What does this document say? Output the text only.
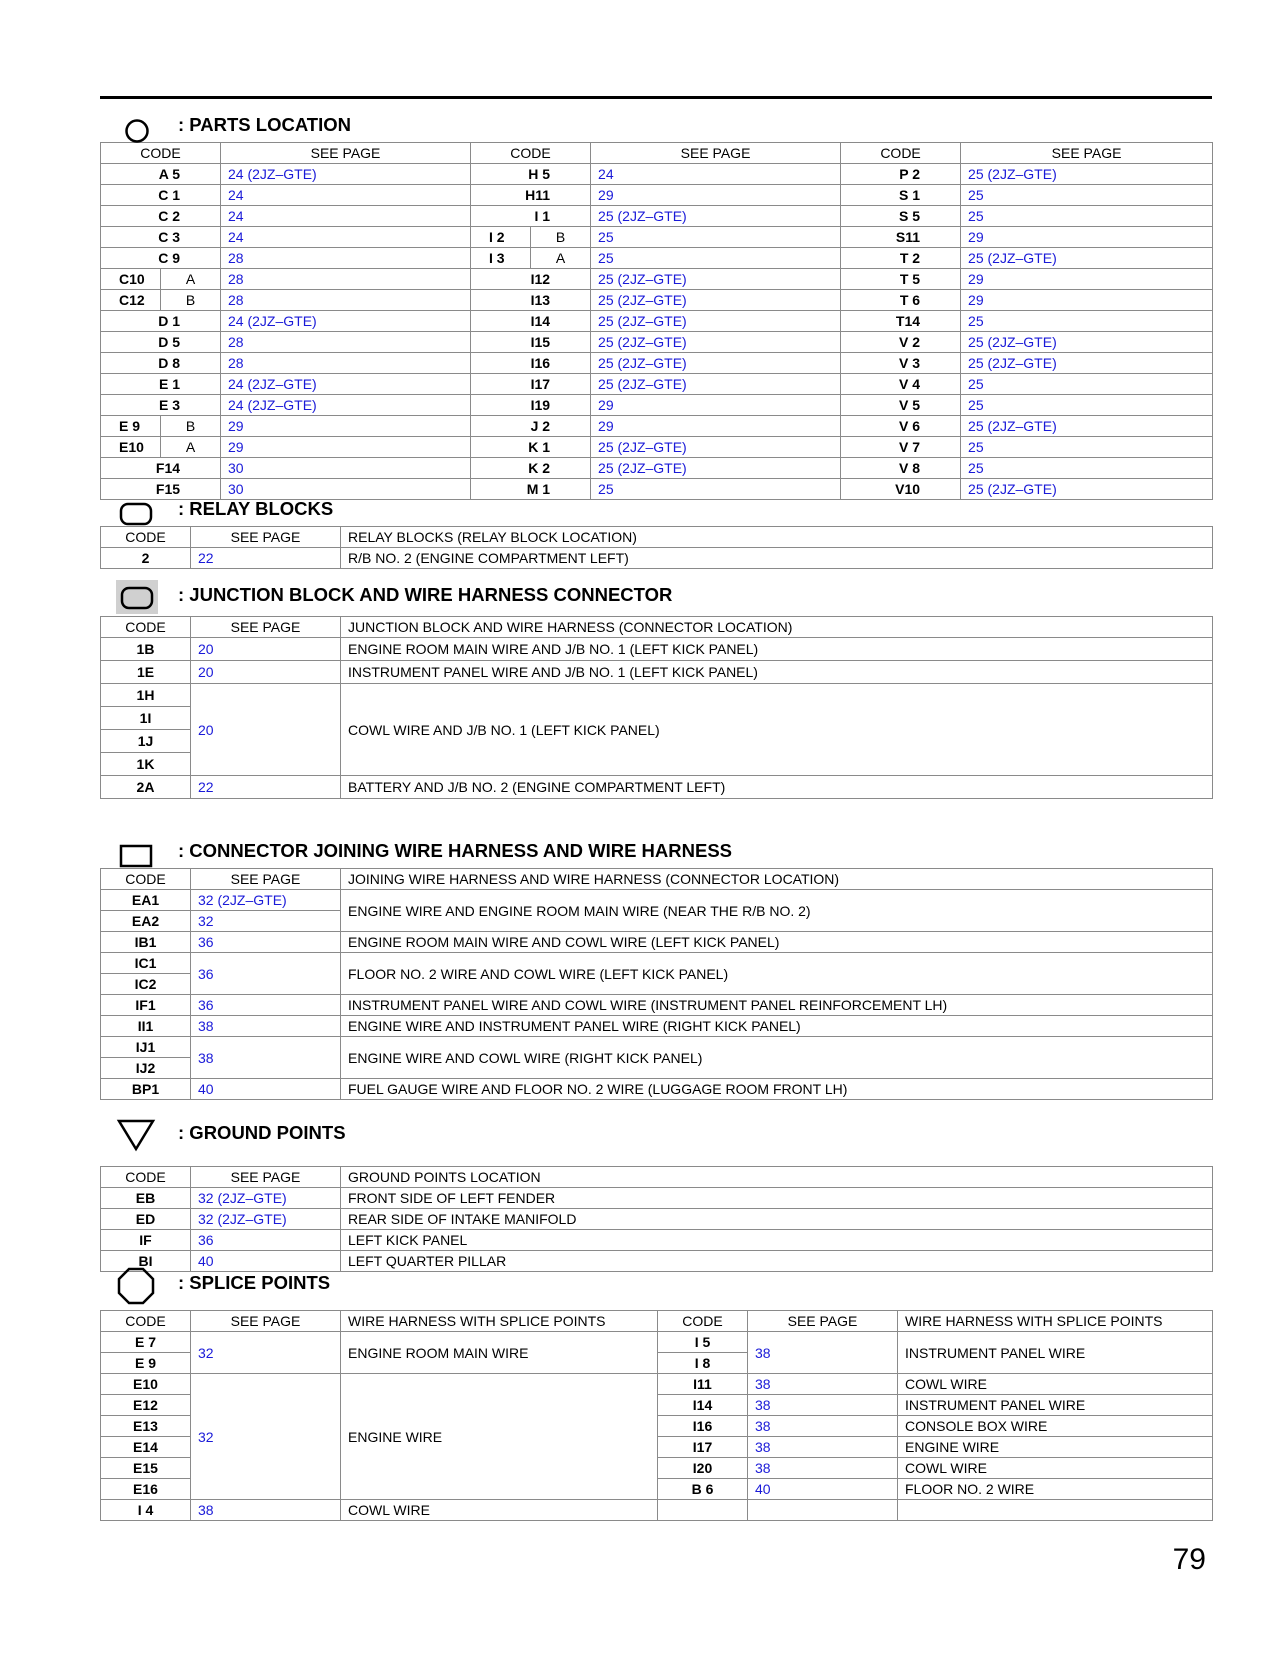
: PARTS LOCATION
CODE		SEE PAGE	CODE		SEE PAGE	CODE	SEE PAGE
A 5		24 (2JZ–GTE)	H 5		24	P 2	25 (2JZ–GTE)
C 1		24	H11		29	S 1	25
C 2		24	I 1		25 (2JZ–GTE)	S 5	25
C 3		24	I 2	B	25	S11	29
C 9		28	I 3	A	25	T 2	25 (2JZ–GTE)
C10	A	28	I12		25 (2JZ–GTE)	T 5	29
C12	B	28	I13		25 (2JZ–GTE)	T 6	29
D 1		24 (2JZ–GTE)	I14		25 (2JZ–GTE)	T14	25
D 5		28	I15		25 (2JZ–GTE)	V 2	25 (2JZ–GTE)
D 8		28	I16		25 (2JZ–GTE)	V 3	25 (2JZ–GTE)
E 1		24 (2JZ–GTE)	I17		25 (2JZ–GTE)	V 4	25
E 3		24 (2JZ–GTE)	I19		29	V 5	25
E 9	B	29	J 2		29	V 6	25 (2JZ–GTE)
E10	A	29	K 1		25 (2JZ–GTE)	V 7	25
F14		30	K 2		25 (2JZ–GTE)	V 8	25
F15		30	M 1		25	V10	25 (2JZ–GTE)
: RELAY BLOCKS
CODE	SEE PAGE	RELAY BLOCKS (RELAY BLOCK LOCATION)
2	22	R/B NO. 2 (ENGINE COMPARTMENT LEFT)
: JUNCTION BLOCK AND WIRE HARNESS CONNECTOR
CODE	SEE PAGE	JUNCTION BLOCK AND WIRE HARNESS (CONNECTOR LOCATION)
1B	20	ENGINE ROOM MAIN WIRE AND J/B NO. 1 (LEFT KICK PANEL)
1E	20	INSTRUMENT PANEL WIRE AND J/B NO. 1 (LEFT KICK PANEL)
1H	20	COWL WIRE AND J/B NO. 1 (LEFT KICK PANEL)
1I		
1J		
1K		
2A	22	BATTERY AND J/B NO. 2 (ENGINE COMPARTMENT LEFT)
: CONNECTOR JOINING WIRE HARNESS AND WIRE HARNESS
CODE	SEE PAGE	JOINING WIRE HARNESS AND WIRE HARNESS (CONNECTOR LOCATION)
EA1	32 (2JZ–GTE)	ENGINE WIRE AND ENGINE ROOM MAIN WIRE (NEAR THE R/B NO. 2)
EA2	32	
IB1	36	ENGINE ROOM MAIN WIRE AND COWL WIRE (LEFT KICK PANEL)
IC1	36	FLOOR NO. 2 WIRE AND COWL WIRE (LEFT KICK PANEL)
IC2		
IF1	36	INSTRUMENT PANEL WIRE AND COWL WIRE (INSTRUMENT PANEL REINFORCEMENT LH)
II1	38	ENGINE WIRE AND INSTRUMENT PANEL WIRE (RIGHT KICK PANEL)
IJ1	38	ENGINE WIRE AND COWL WIRE (RIGHT KICK PANEL)
IJ2		
BP1	40	FUEL GAUGE WIRE AND FLOOR NO. 2 WIRE (LUGGAGE ROOM FRONT LH)
: GROUND POINTS
CODE	SEE PAGE	GROUND POINTS LOCATION
EB	32 (2JZ–GTE)	FRONT SIDE OF LEFT FENDER
ED	32 (2JZ–GTE)	REAR SIDE OF INTAKE MANIFOLD
IF	36	LEFT KICK PANEL
BI	40	LEFT QUARTER PILLAR
: SPLICE POINTS
CODE	SEE PAGE	WIRE HARNESS WITH SPLICE POINTS	CODE	SEE PAGE	WIRE HARNESS WITH SPLICE POINTS
E 7	32	ENGINE ROOM MAIN WIRE	I 5	38	INSTRUMENT PANEL WIRE
E 9			I 8		
E10	32	ENGINE WIRE	I11	38	COWL WIRE
E12			I14	38	INSTRUMENT PANEL WIRE
E13			I16	38	CONSOLE BOX WIRE
E14			I17	38	ENGINE WIRE
E15			I20	38	COWL WIRE
E16			B 6	40	FLOOR NO. 2 WIRE
I 4	38	COWL WIRE			
79
